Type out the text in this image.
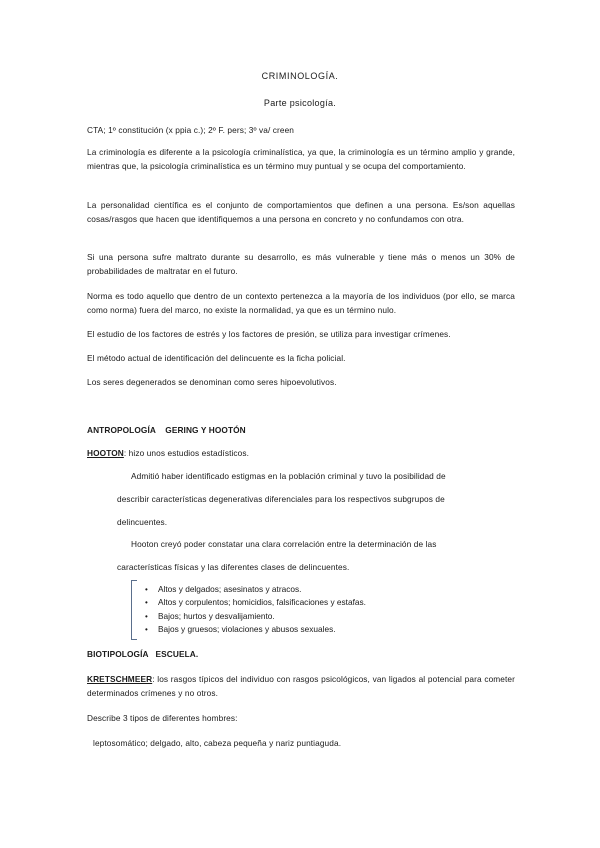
CRIMINOLOGÍA.

Parte psicología.

CTA; 1º constitución (x ppia c.); 2º F. pers; 3º va/ creen

La criminología es diferente a la psicología criminalística, ya que, la criminología es un término amplio y grande, mientras que, la psicología criminalística es un término muy puntual y se ocupa del comportamiento.

La personalidad científica es el conjunto de comportamientos que definen a una persona. Es/son aquellas cosas/rasgos que hacen que identifiquemos a una persona en concreto y no confundamos con otra.

Si una persona sufre maltrato durante su desarrollo, es más vulnerable y tiene más o menos un 30% de probabilidades de maltratar en el futuro.

Norma es todo aquello que dentro de un contexto pertenezca a la mayoría de los individuos (por ello, se marca como norma) fuera del marco, no existe la normalidad, ya que es un término nulo.

El estudio de los factores de estrés y los factores de presión, se utiliza para investigar crímenes.

El método actual de identificación del delincuente es la ficha policial.

Los seres degenerados se denominan como seres hipoevolutivos.

ANTROPOLOGÍA    GERING Y HOOTÓN

HOOTON: hizo unos estudios estadísticos.

Admitió haber identificado estigmas en la población criminal y tuvo la posibilidad de

describir características degenerativas diferenciales para los respectivos subgrupos de

delincuentes.

Hooton creyó poder constatar una clara correlación entre la determinación de las

características físicas y las diferentes clases de delincuentes.

• Altos y delgados; asesinatos y atracos.
• Altos y corpulentos; homicidios, falsificaciones y estafas.
• Bajos; hurtos y desvalijamiento.
• Bajos y gruesos; violaciones y abusos sexuales.

BIOTIPOLOGÍA   ESCUELA.

KRETSCHMEER: los rasgos típicos del individuo con rasgos psicológicos, van ligados al potencial para cometer determinados crímenes y no otros.

Describe 3 tipos de diferentes hombres:

leptosomático; delgado, alto, cabeza pequeña y nariz puntiaguda.
